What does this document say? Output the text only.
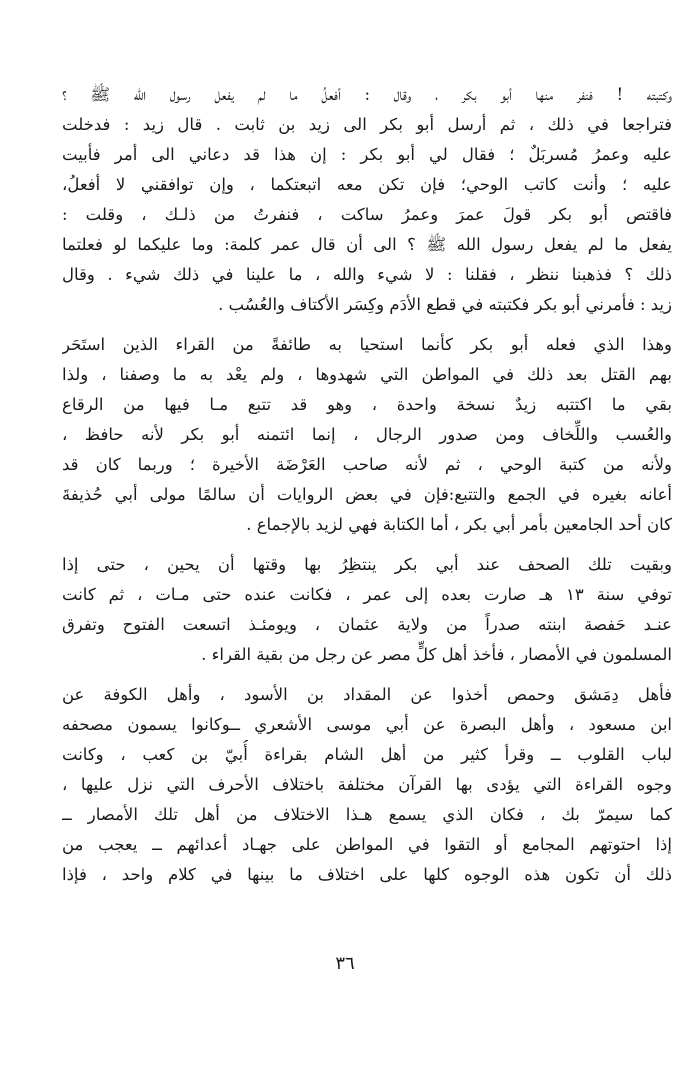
وكتبته ! فنفر منها أبو بكر ، وقال : أفعلُ ما لم يفعل رسول الله ﷺ ؟
فتراجعا في ذلك ، ثم أرسل أبو بكر الى زيد بن ثابت . قال زيد : فدخلت
عليه وعمرُ مُسربَلٌ ؛ فقال لي أبو بكر : إن هذا قد دعاني الى أمر فأبيت
عليه ؛ وأنت كاتب الوحي؛ فإن تكن معه اتبعتكما ، وإن توافقني لا أفعلُ،
فاقتص أبو بكر قولَ عمرَ وعمرُ ساكت ، فنفرتُ من ذلـك ، وقلت :
يفعل ما لم يفعل رسول الله ﷺ ؟ الى أن قال عمر كلمة: وما عليكما لو فعلتما
ذلك ؟ فذهبنا ننظر ، فقلنا : لا شيء والله ، ما علينا في ذلك شيء . وقال
زيد : فأمرني أبو بكر فكتبته في قطع الأدَم وكِسَر الأكتاف والعُسُب .
وهذا الذي فعله أبو بكر كأنما استحيا به طائفةً من القراء الذين استَحَر
بهم القتل بعد ذلك في المواطن التي شهدوها ، ولم يعْد به ما وصفنا ، ولذا
بقي ما اكتتبه زيدٌ نسخة واحدة ، وهو قد تتبع مـا فيها من الرقاع
والعُسب واللِّخاف ومن صدور الرجال ، إنما ائتمنه أبو بكر لأنه حافظ ،
ولأنه من كتبة الوحي ، ثم لأنه صاحب العَرْضَة الأخيرة ؛ وربما كان قد
أعانه بغيره في الجمع والتتبع:فإن في بعض الروايات أن سالمًا مولى أبي حُذيفةَ
كان أحد الجامعين بأمر أبي بكر ، أما الكتابة فهي لزيد بالإجماع .
وبقيت تلك الصحف عند أبي بكر ينتظِرُ بها وقتها أن يحين ، حتى إذا
توفي سنة ١٣ هـ صارت بعده إلى عمر ، فكانت عنده حتى مـات ، ثم كانت
عنـد حَفصة ابنته صدراً من ولاية عثمان ، ويومئـذ اتسعت الفتوح وتفرق
المسلمون في الأمصار ، فأخذ أهل كلٍّ مصر عن رجل من بقية القراء .
فأهل دِمَشق وحمص أخذوا عن المقداد بن الأسود ، وأهل الكوفة عن
ابن مسعود ، وأهل البصرة عن أبي موسى الأشعري ــوكانوا يسمون مصحفه
لباب القلوب ــ وقرأ كثير من أهل الشام بقراءة أُبيّ بن كعب ، وكانت
وجوه القراءة التي يؤدى بها القرآن مختلفة باختلاف الأحرف التي نزل عليها ،
كما سيمرّ بك ، فكان الذي يسمع هـذا الاختلاف من أهل تلك الأمصار ــ
إذا احتوتهم المجامع أو التقوا في المواطن على جهـاد أعدائهم ــ يعجب من
ذلك أن تكون هذه الوجوه كلها على اختلاف ما بينها في كلام واحد ، فإذا
٣٦
